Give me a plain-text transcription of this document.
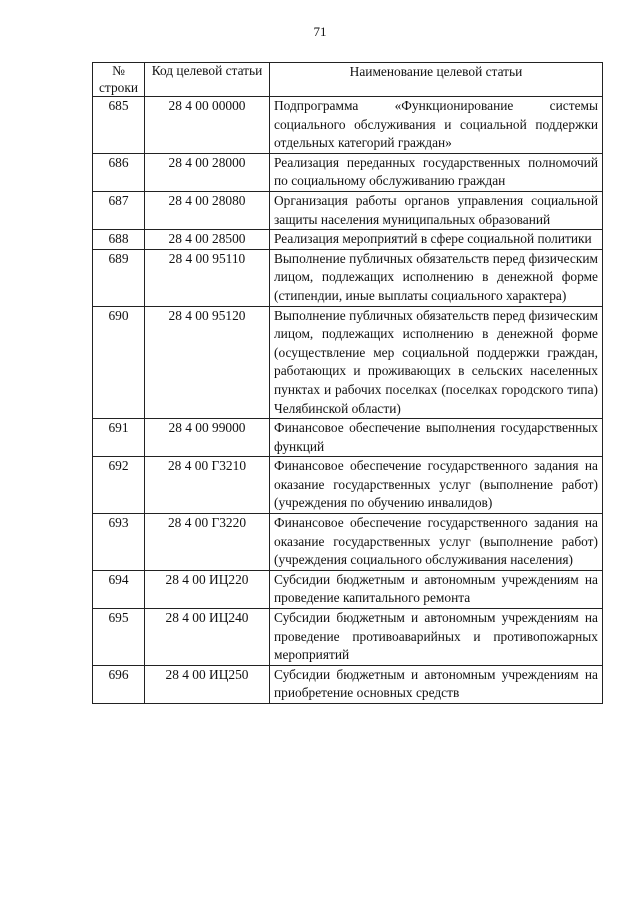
71
№ строки	Код целевой статьи	Наименование целевой статьи
685	28 4 00 00000	Подпрограмма «Функционирование системы социального обслуживания и социальной поддержки отдельных категорий граждан»
686	28 4 00 28000	Реализация переданных государственных полномочий по социальному обслуживанию граждан
687	28 4 00 28080	Организация работы органов управления социальной защиты населения муниципальных образований
688	28 4 00 28500	Реализация мероприятий в сфере социальной политики
689	28 4 00 95110	Выполнение публичных обязательств перед физическим лицом, подлежащих исполнению в денежной форме (стипендии, иные выплаты социального характера)
690	28 4 00 95120	Выполнение публичных обязательств перед физическим лицом, подлежащих исполнению в денежной форме (осуществление мер социальной поддержки граждан, работающих и проживающих в сельских населенных пунктах и рабочих поселках (поселках городского типа) Челябинской области)
691	28 4 00 99000	Финансовое обеспечение выполнения государственных функций
692	28 4 00 Г3210	Финансовое обеспечение государственного задания на оказание государственных услуг (выполнение работ) (учреждения по обучению инвалидов)
693	28 4 00 Г3220	Финансовое обеспечение государственного задания на оказание государственных услуг (выполнение работ) (учреждения социального обслуживания населения)
694	28 4 00 ИЦ220	Субсидии бюджетным и автономным учреждениям на проведение капитального ремонта
695	28 4 00 ИЦ240	Субсидии бюджетным и автономным учреждениям на проведение противоаварийных и противопожарных мероприятий
696	28 4 00 ИЦ250	Субсидии бюджетным и автономным учреждениям на приобретение основных средств
